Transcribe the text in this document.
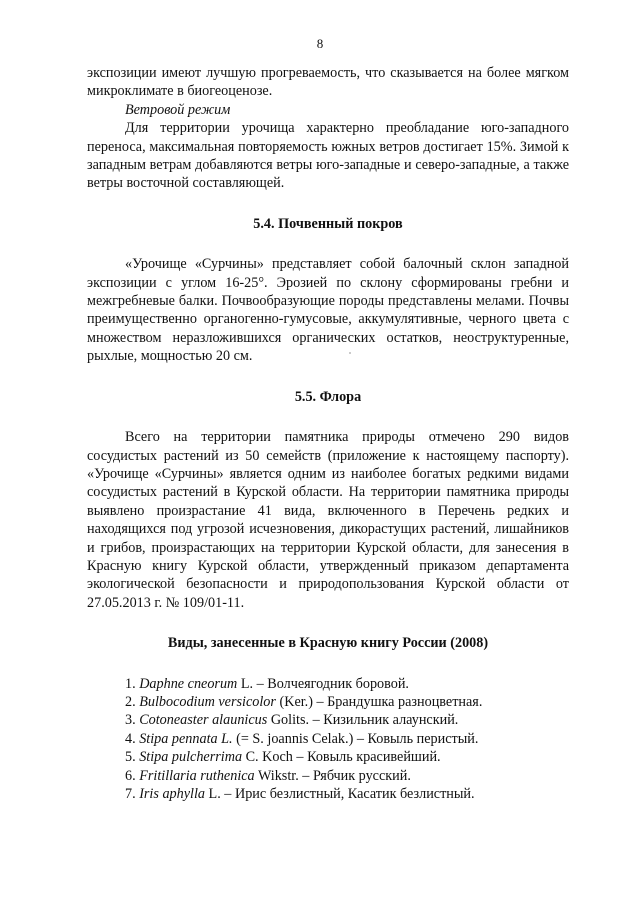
8

экспозиции имеют лучшую прогреваемость, что сказывается на более мягком микроклимате в биогеоценозе.

Ветровой режим

Для территории урочища характерно преобладание юго-западного переноса, максимальная повторяемость южных ветров достигает 15%. Зимой к западным ветрам добавляются ветры юго-западные и северо-западные, а также ветры восточной составляющей.

5.4. Почвенный покров

«Урочище «Сурчины» представляет собой балочный склон западной экспозиции с углом 16-25°. Эрозией по склону сформированы гребни и межгребневые балки. Почвообразующие породы представлены мелами. Почвы преимущественно органогенно-гумусовые, аккумулятивные, черного цвета с множеством неразложившихся органических остатков, неоструктуренные, рыхлые, мощностью 20 см.

5.5. Флора

Всего на территории памятника природы отмечено 290 видов сосудистых растений из 50 семейств (приложение к настоящему паспорту). «Урочище «Сурчины» является одним из наиболее богатых редкими видами сосудистых растений в Курской области. На территории памятника природы выявлено произрастание 41 вида, включенного в Перечень редких и находящихся под угрозой исчезновения, дикорастущих растений, лишайников и грибов, произрастающих на территории Курской области, для занесения в Красную книгу Курской области, утвержденный приказом департамента экологической безопасности и природопользования Курской области от 27.05.2013 г. № 109/01-11.

Виды, занесенные в Красную книгу России (2008)
1. Daphne cneorum L. – Волчеягодник боровой.
2. Bulbocodium versicolor (Ker.) – Брандушка разноцветная.
3. Cotoneaster alaunicus Golits. – Кизильник алаунский.
4. Stipa pennata L. (= S. joannis Celak.) – Ковыль перистый.
5. Stipa pulcherrima C. Koch – Ковыль красивейший.
6. Fritillaria ruthenica Wikstr. – Рябчик русский.
7. Iris aphylla L. – Ирис безлистный, Касатик безлистный.
